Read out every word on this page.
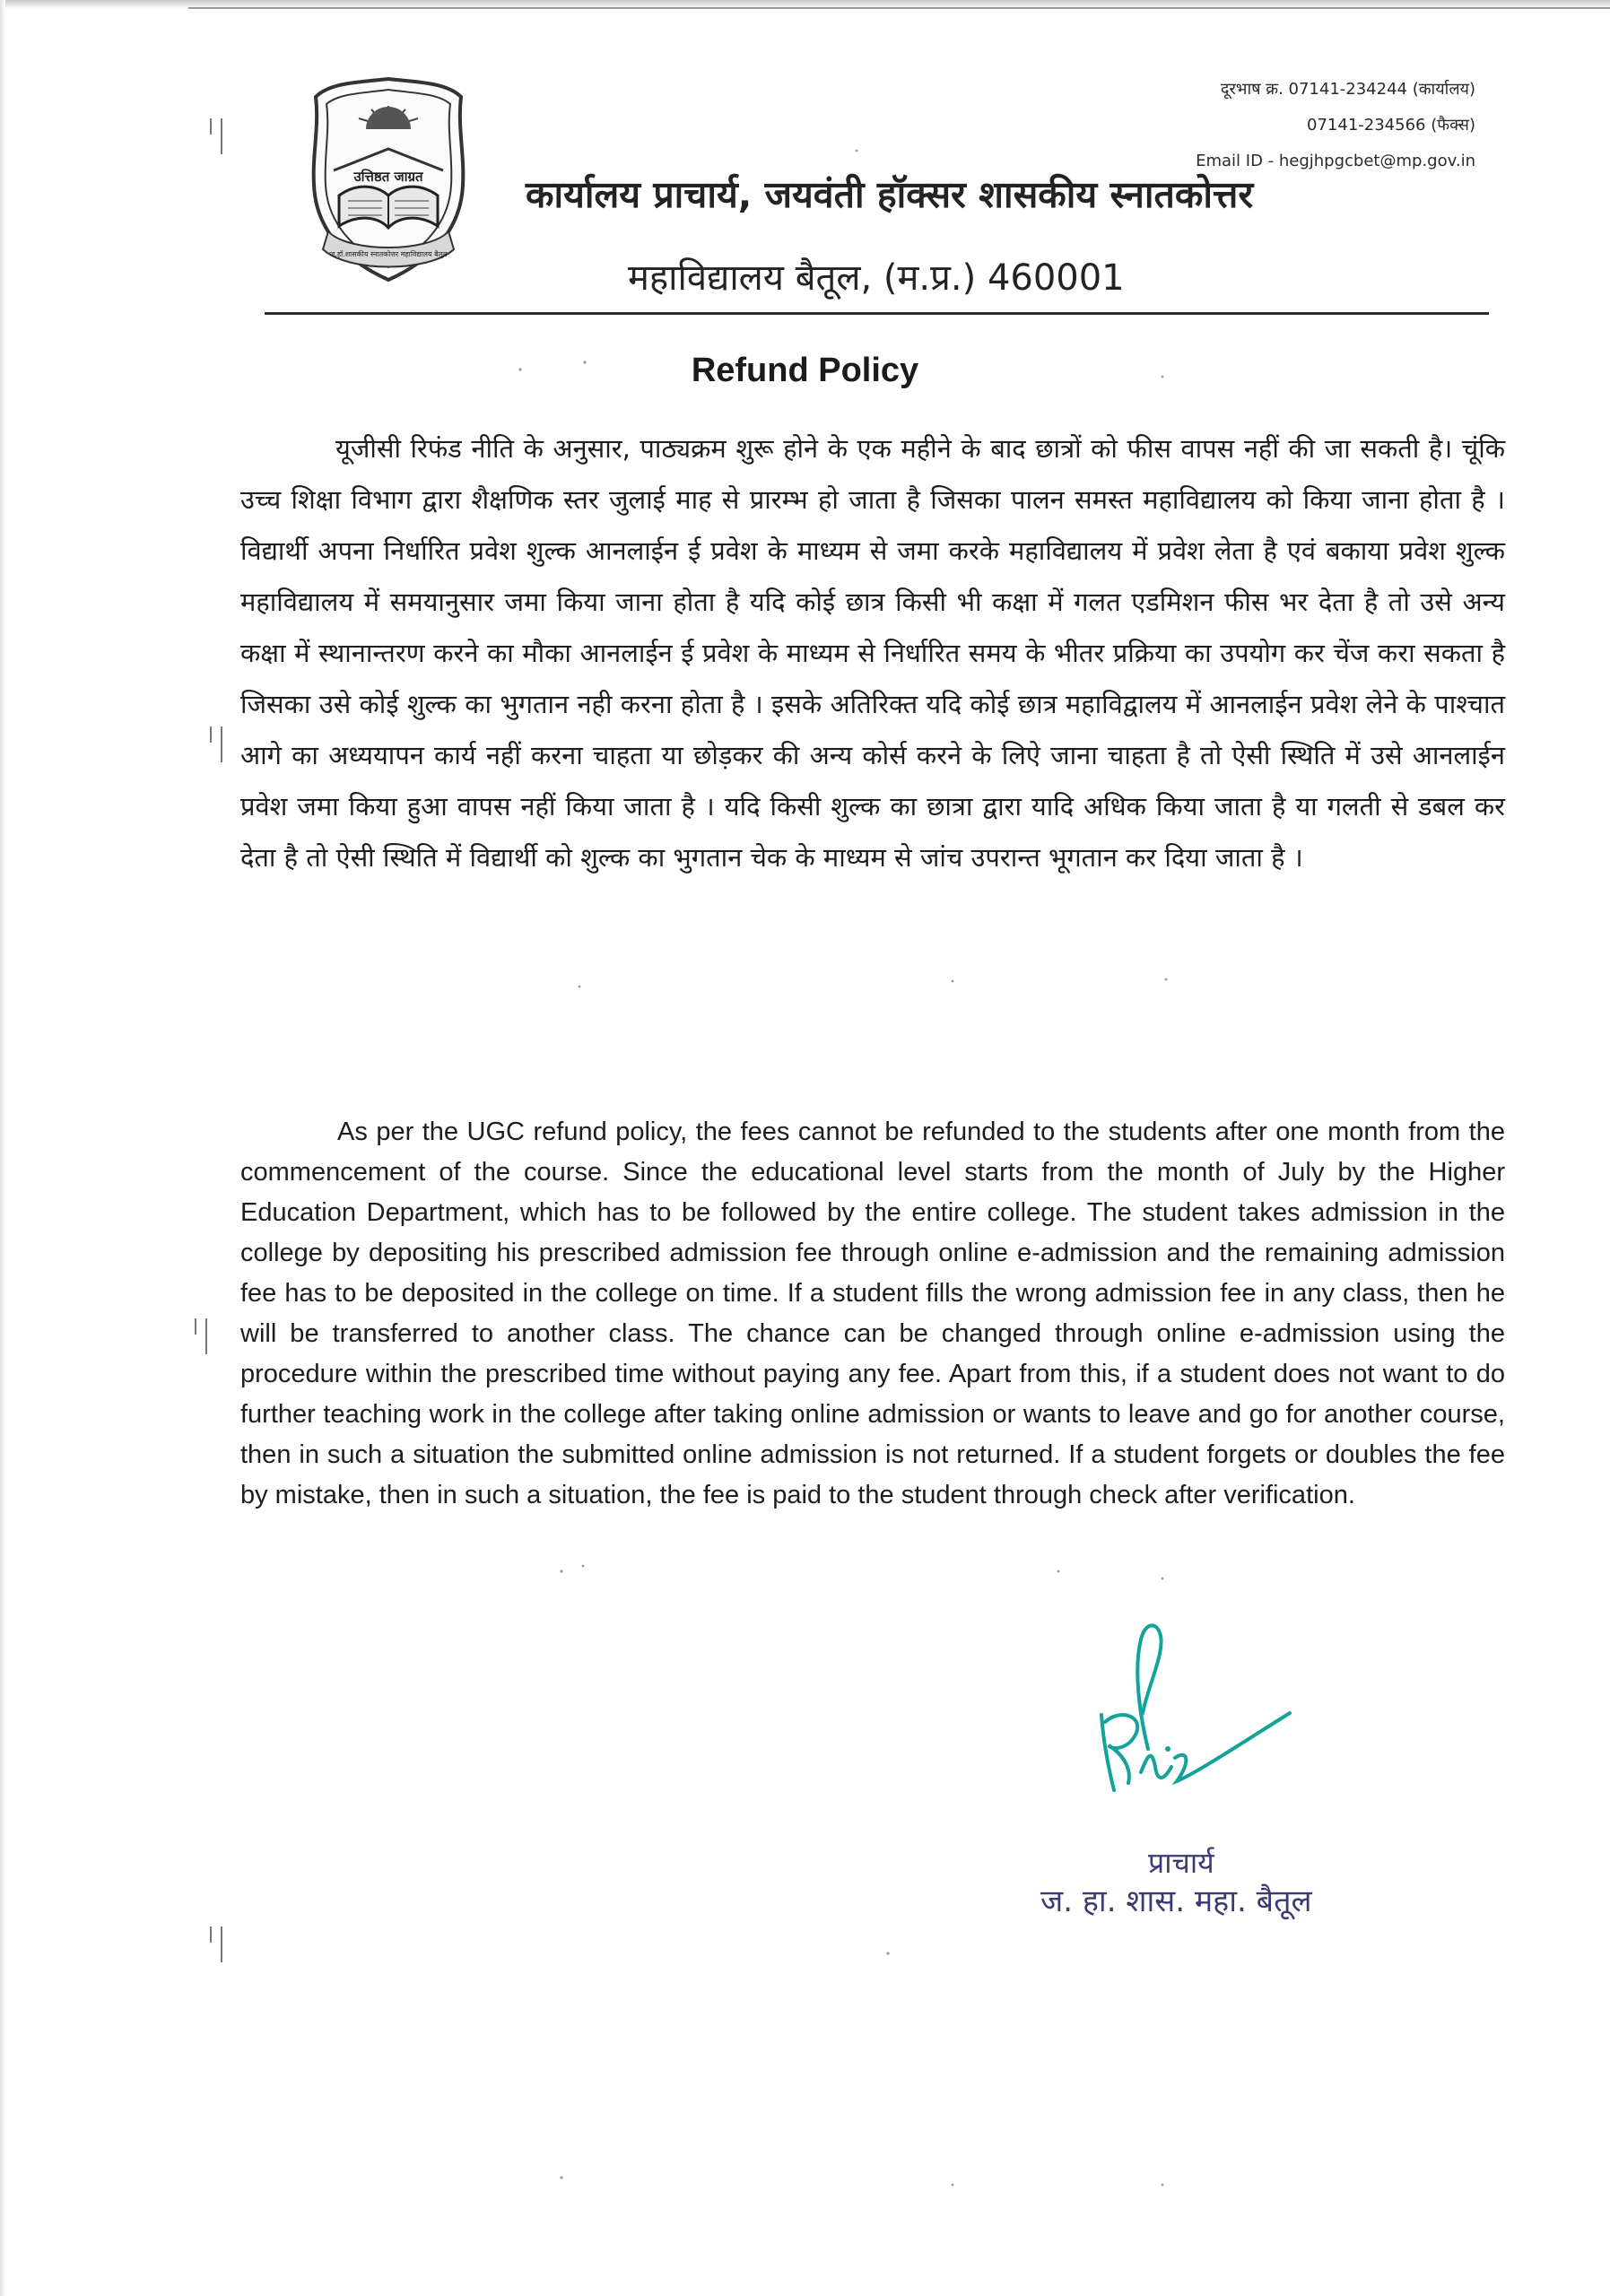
उत्तिष्ठत जाग्रत
ज.हॉ.शासकीय स्नातकोत्तर महाविद्यालय बैतूल
दूरभाष क्र. 07141-234244 (कार्यालय)
07141-234566 (फैक्स)
Email ID - hegjhpgcbet@mp.gov.in
कार्यालय प्राचार्य, जयवंती हॉक्सर शासकीय स्नातकोत्तर
महाविद्यालय बैतूल, (म.प्र.) 460001
Refund Policy

यूजीसी रिफंड नीति के अनुसार, पाठ्यक्रम शुरू होने के एक महीने के बाद छात्रों को फीस वापस नहीं की जा सकती है। चूंकि उच्च शिक्षा विभाग द्वारा शैक्षणिक स्तर जुलाई माह से प्रारम्भ हो जाता है जिसका पालन समस्त महाविद्यालय को किया जाना होता है । विद्यार्थी अपना निर्धारित प्रवेश शुल्क आनलाईन ई प्रवेश के माध्यम से जमा करके महाविद्यालय में प्रवेश लेता है एवं बकाया प्रवेश शुल्क महाविद्यालय में समयानुसार जमा किया जाना होता है यदि कोई छात्र किसी भी कक्षा में गलत एडमिशन फीस भर देता है तो उसे अन्य कक्षा में स्थानान्तरण करने का मौका आनलाईन ई प्रवेश के माध्यम से निर्धारित समय के भीतर प्रक्रिया का उपयोग कर चेंज करा सकता है जिसका उसे कोई शुल्क का भुगतान नही करना होता है । इसके अतिरिक्त यदि कोई छात्र महाविद्वालय में आनलाईन प्रवेश लेने के पाश्चात आगे का अध्ययापन कार्य नहीं करना चाहता या छोड़कर की अन्य कोर्स करने के लिऐ जाना चाहता है तो ऐसी स्थिति में उसे आनलाईन प्रवेश जमा किया हुआ वापस नहीं किया जाता है । यदि किसी शुल्क का छात्रा द्वारा यादि अधिक किया जाता है या गलती से डबल कर देता है तो ऐसी स्थिति में विद्यार्थी को शुल्क का भुगतान चेक के माध्यम से जांच उपरान्त भूगतान कर दिया जाता है ।

As per the UGC refund policy, the fees cannot be refunded to the students after one month from the commencement of the course. Since the educational level starts from the month of July by the Higher Education Department, which has to be followed by the entire college. The student takes admission in the college by depositing his prescribed admission fee through online e-admission and the remaining admission fee has to be deposited in the college on time. If a student fills the wrong admission fee in any class, then he will be transferred to another class. The chance can be changed through online e-admission using the procedure within the prescribed time without paying any fee. Apart from this, if a student does not want to do further teaching work in the college after taking online admission or wants to leave and go for another course, then in such a situation the submitted online admission is not returned. If a student forgets or doubles the fee by mistake, then in such a situation, the fee is paid to the student through check after verification.

प्राचार्य
ज. हा. शास. महा. बैतूल
